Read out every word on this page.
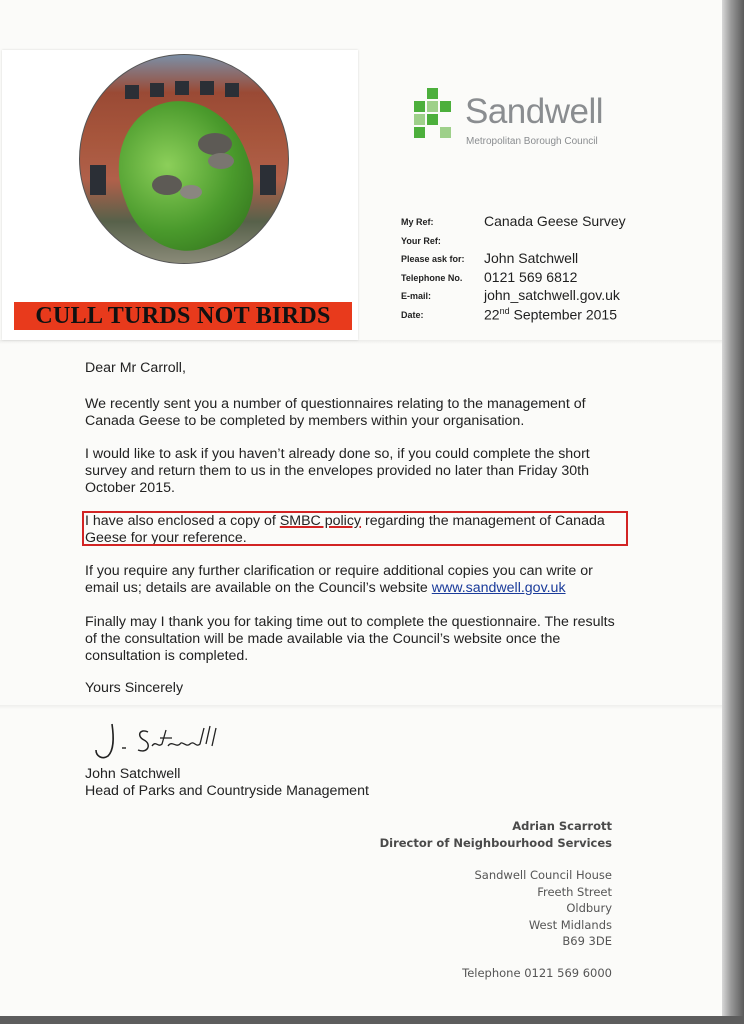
CULL TURDS NOT BIRDS
Sandwell
Metropolitan Borough Council
My Ref:	Canada Geese Survey
Your Ref:
Please ask for: John Satchwell
Telephone No. 0121 569 6812
E-mail:	john_satchwell.gov.uk
Date:	22nd September 2015
Dear Mr Carroll,
We recently sent you a number of questionnaires relating to the management of
Canada Geese to be completed by members within your organisation.
I would like to ask if you haven’t already done so, if you could complete the short
survey and return them to us in the envelopes provided no later than Friday 30th
October 2015.
I have also enclosed a copy of SMBC policy regarding the management of Canada
Geese for your reference.
If you require any further clarification or require additional copies you can write or
email us; details are available on the Council’s website www.sandwell.gov.uk
Finally may I thank you for taking time out to complete the questionnaire. The results
of the consultation will be made available via the Council’s website once the
consultation is completed.
Yours Sincerely
John Satchwell
Head of Parks and Countryside Management
Adrian Scarrott
Director of Neighbourhood Services
Sandwell Council House
Freeth Street
Oldbury
West Midlands
B69 3DE
Telephone 0121 569 6000
